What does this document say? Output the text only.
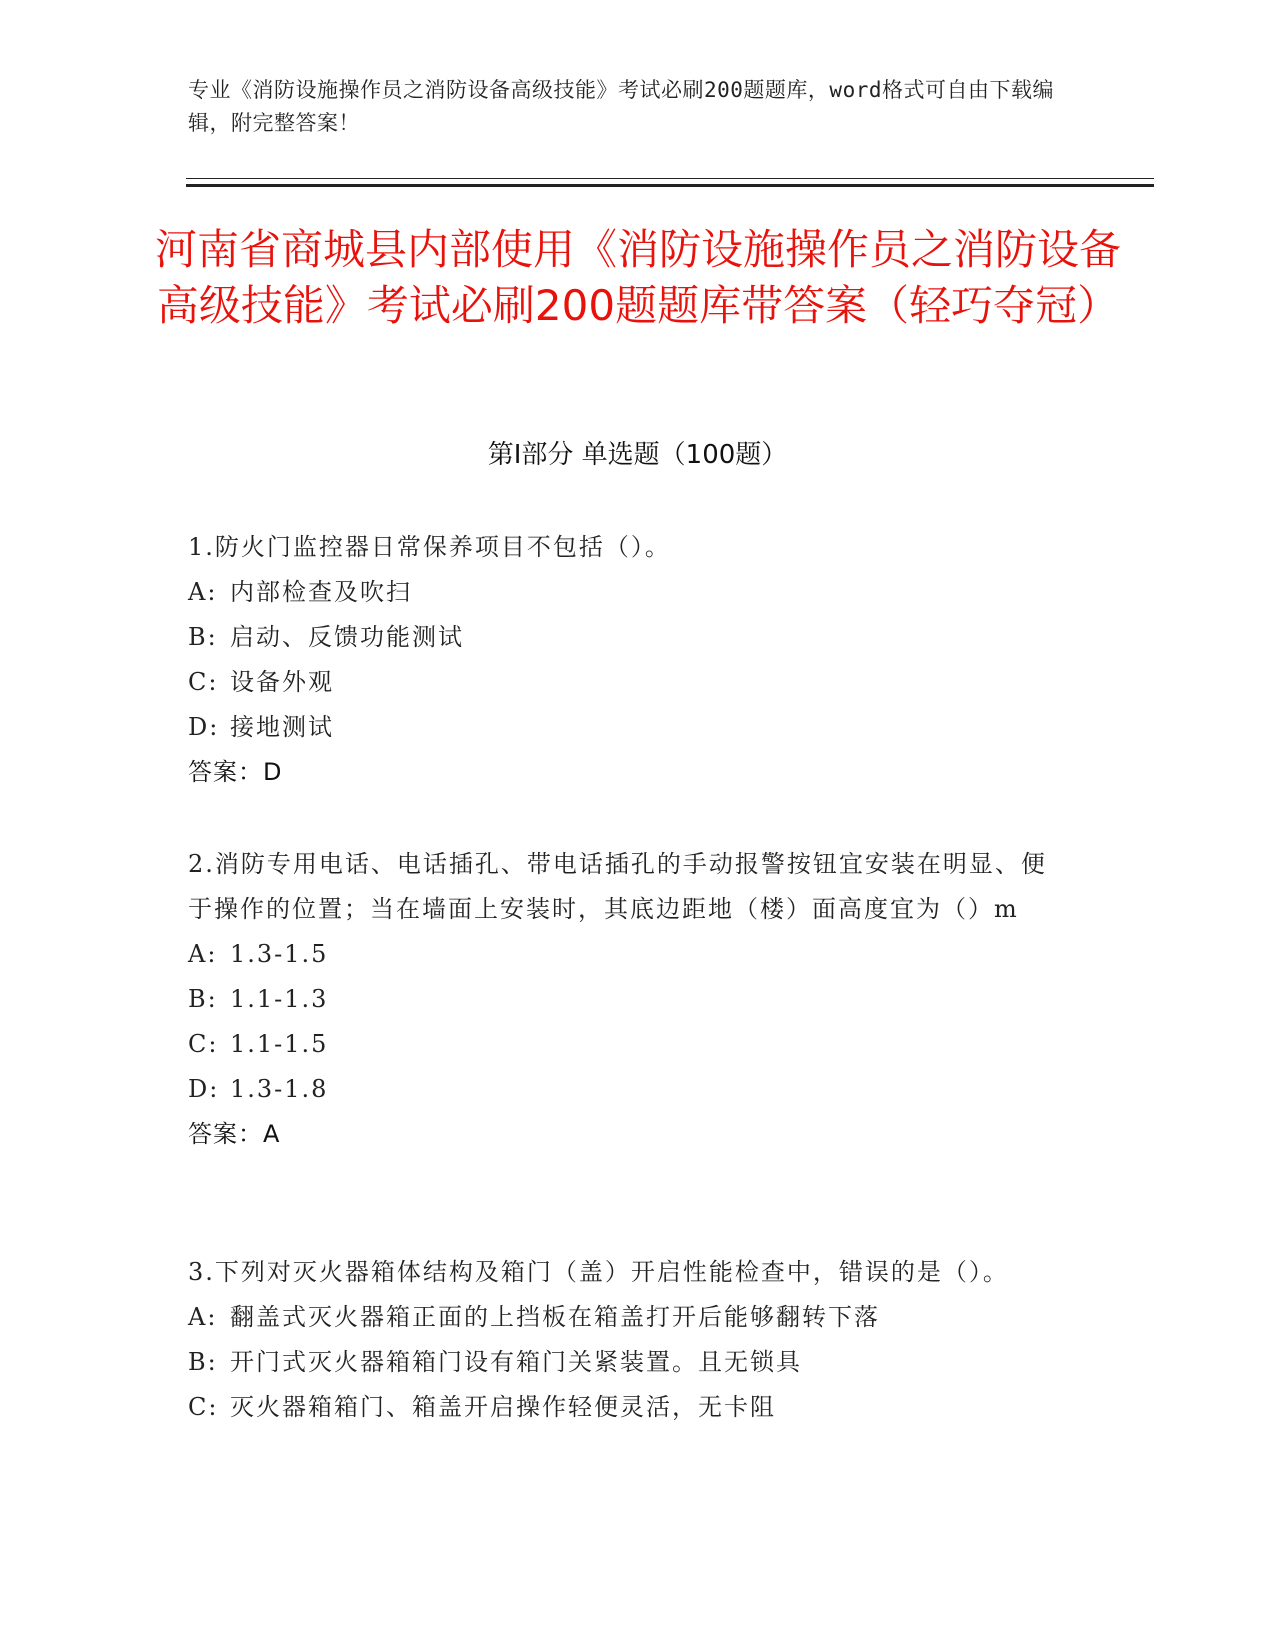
专业《消防设施操作员之消防设备高级技能》考试必刷200题题库，word格式可自由下载编辑，附完整答案！
河南省商城县内部使用《消防设施操作员之消防设备高级技能》考试必刷200题题库带答案（轻巧夺冠）
第I部分 单选题（100题）
1.防火门监控器日常保养项目不包括（）。
A: 内部检查及吹扫
B: 启动、反馈功能测试
C: 设备外观
D: 接地测试
答案：D
2.消防专用电话、电话插孔、带电话插孔的手动报警按钮宜安装在明显、便于操作的位置；当在墙面上安装时，其底边距地（楼）面高度宜为（）m
A: 1.3-1.5
B: 1.1-1.3
C: 1.1-1.5
D: 1.3-1.8
答案：A
3.下列对灭火器箱体结构及箱门（盖）开启性能检查中，错误的是（）。
A: 翻盖式灭火器箱正面的上挡板在箱盖打开后能够翻转下落
B: 开门式灭火器箱箱门设有箱门关紧装置。且无锁具
C: 灭火器箱箱门、箱盖开启操作轻便灵活，无卡阻
